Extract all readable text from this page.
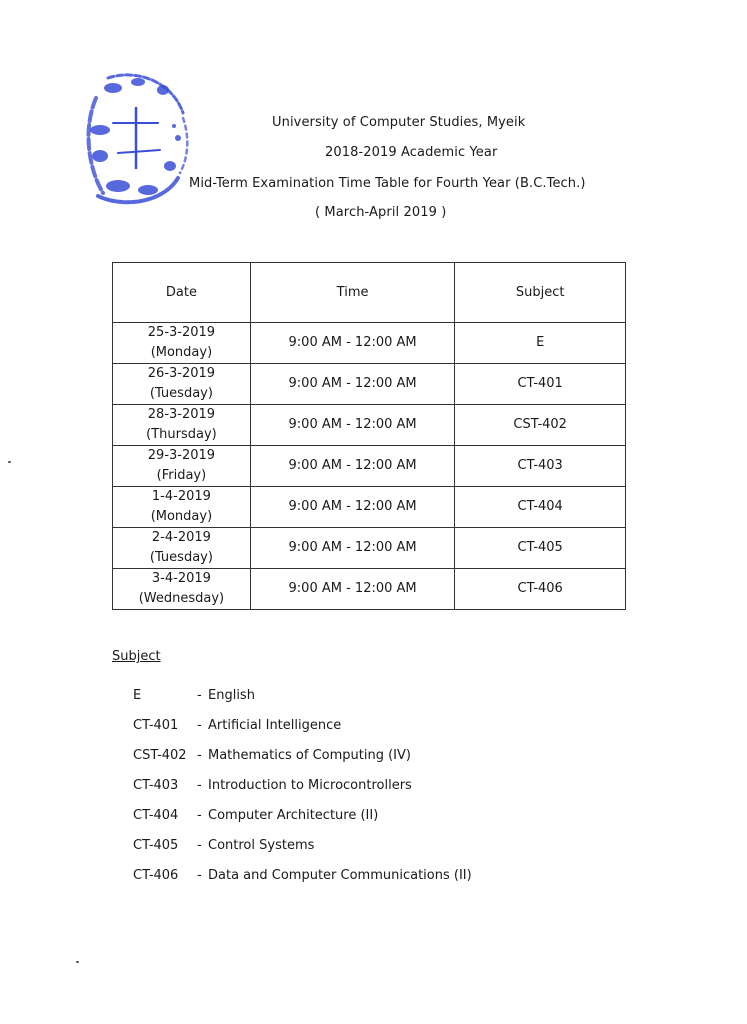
University of Computer Studies, Myeik
2018-2019 Academic Year
Mid-Term Examination Time Table for Fourth Year (B.C.Tech.)
( March-April 2019 )
Date	Time	Subject

25-3-2019
(Monday)	9:00 AM - 12:00 AM	E

26-3-2019
(Tuesday)	9:00 AM - 12:00 AM	CT-401

28-3-2019
(Thursday)	9:00 AM - 12:00 AM	CST-402

29-3-2019
(Friday)	9:00 AM - 12:00 AM	CT-403

1-4-2019
(Monday)	9:00 AM - 12:00 AM	CT-404

2-4-2019
(Tuesday)	9:00 AM - 12:00 AM	CT-405

3-4-2019
(Wednesday)	9:00 AM - 12:00 AM	CT-406
Subject
E	- English
CT-401	- Artificial Intelligence
CST-402 - Mathematics of Computing (IV)
CT-403	- Introduction to Microcontrollers
CT-404	- Computer Architecture (II)
CT-405	- Control Systems
CT-406	- Data and Computer Communications (II)
